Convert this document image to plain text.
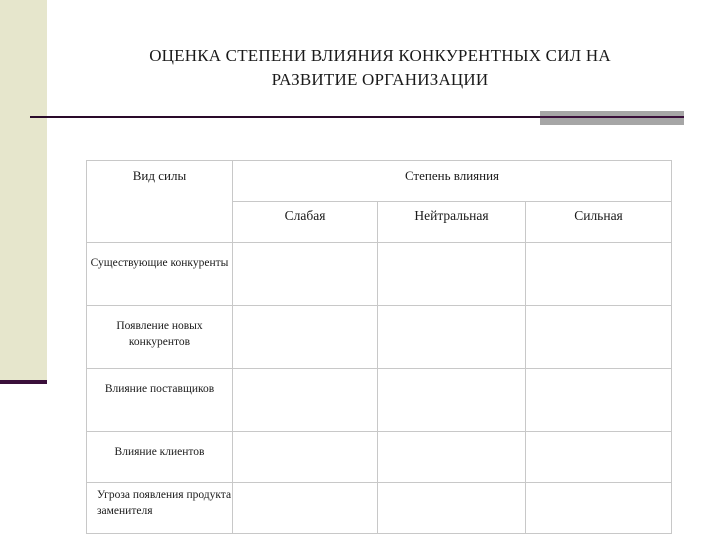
ОЦЕНКА СТЕПЕНИ ВЛИЯНИЯ КОНКУРЕНТНЫХ СИЛ НА
РАЗВИТИЕ ОРГАНИЗАЦИИ
Вид силы	Степень влияния		

	Слабая	Нейтральная	Сильная

Существующие конкуренты			

Появление новых конкурентов			

Влияние поставщиков			

Влияние клиентов			

Угроза появления продукта заменителя			
